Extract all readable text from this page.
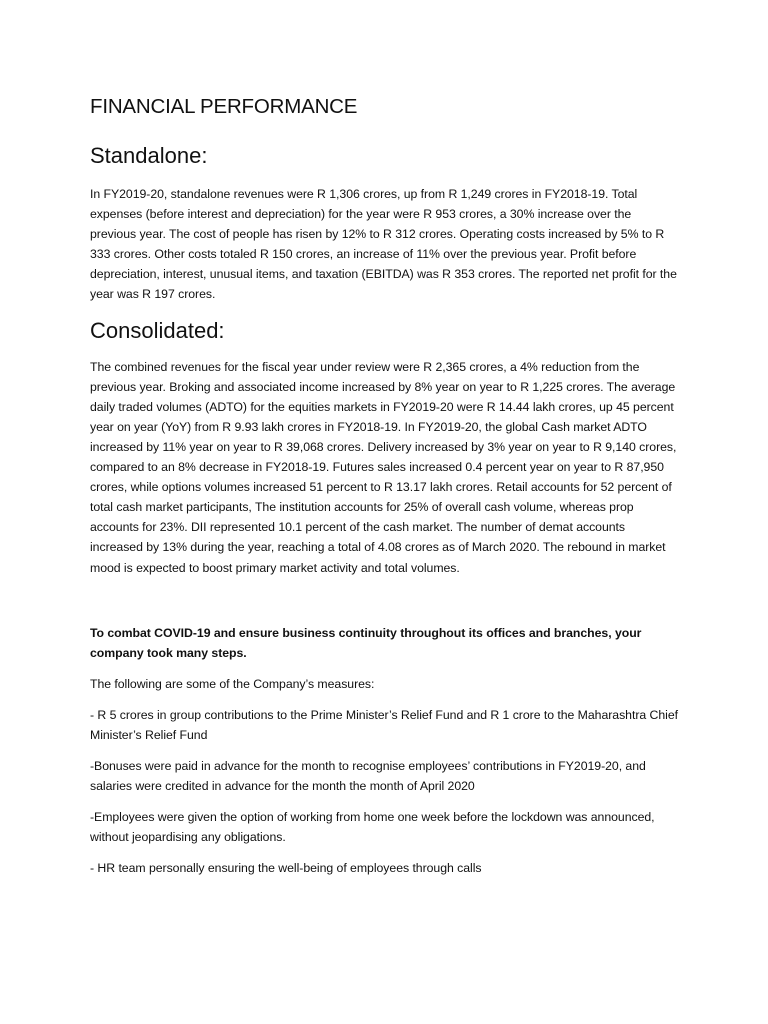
FINANCIAL PERFORMANCE
Standalone:

In FY2019-20, standalone revenues were R 1,306 crores, up from R 1,249 crores in FY2018-19. Total expenses (before interest and depreciation) for the year were R 953 crores, a 30% increase over the previous year. The cost of people has risen by 12% to R 312 crores. Operating costs increased by 5% to R 333 crores. Other costs totaled R 150 crores, an increase of 11% over the previous year. Profit before depreciation, interest, unusual items, and taxation (EBITDA) was R 353 crores. The reported net profit for the year was R 197 crores.

Consolidated:

The combined revenues for the fiscal year under review were R 2,365 crores, a 4% reduction from the previous year. Broking and associated income increased by 8% year on year to R 1,225 crores. The average daily traded volumes (ADTO) for the equities markets in FY2019-20 were R 14.44 lakh crores, up 45 percent year on year (YoY) from R 9.93 lakh crores in FY2018-19. In FY2019-20, the global Cash market ADTO increased by 11% year on year to R 39,068 crores. Delivery increased by 3% year on year to R 9,140 crores, compared to an 8% decrease in FY2018-19. Futures sales increased 0.4 percent year on year to R 87,950 crores, while options volumes increased 51 percent to R 13.17 lakh crores. Retail accounts for 52 percent of total cash market participants, The institution accounts for 25% of overall cash volume, whereas prop accounts for 23%. DII represented 10.1 percent of the cash market. The number of demat accounts increased by 13% during the year, reaching a total of 4.08 crores as of March 2020. The rebound in market mood is expected to boost primary market activity and total volumes.

To combat COVID-19 and ensure business continuity throughout its offices and branches, your company took many steps.

The following are some of the Company’s measures:

- R 5 crores in group contributions to the Prime Minister’s Relief Fund and R 1 crore to the Maharashtra Chief Minister’s Relief Fund

-Bonuses were paid in advance for the month to recognise employees’ contributions in FY2019-20, and salaries were credited in advance for the month the month of April 2020

-Employees were given the option of working from home one week before the lockdown was announced, without jeopardising any obligations.

- HR team personally ensuring the well-being of employees through calls
